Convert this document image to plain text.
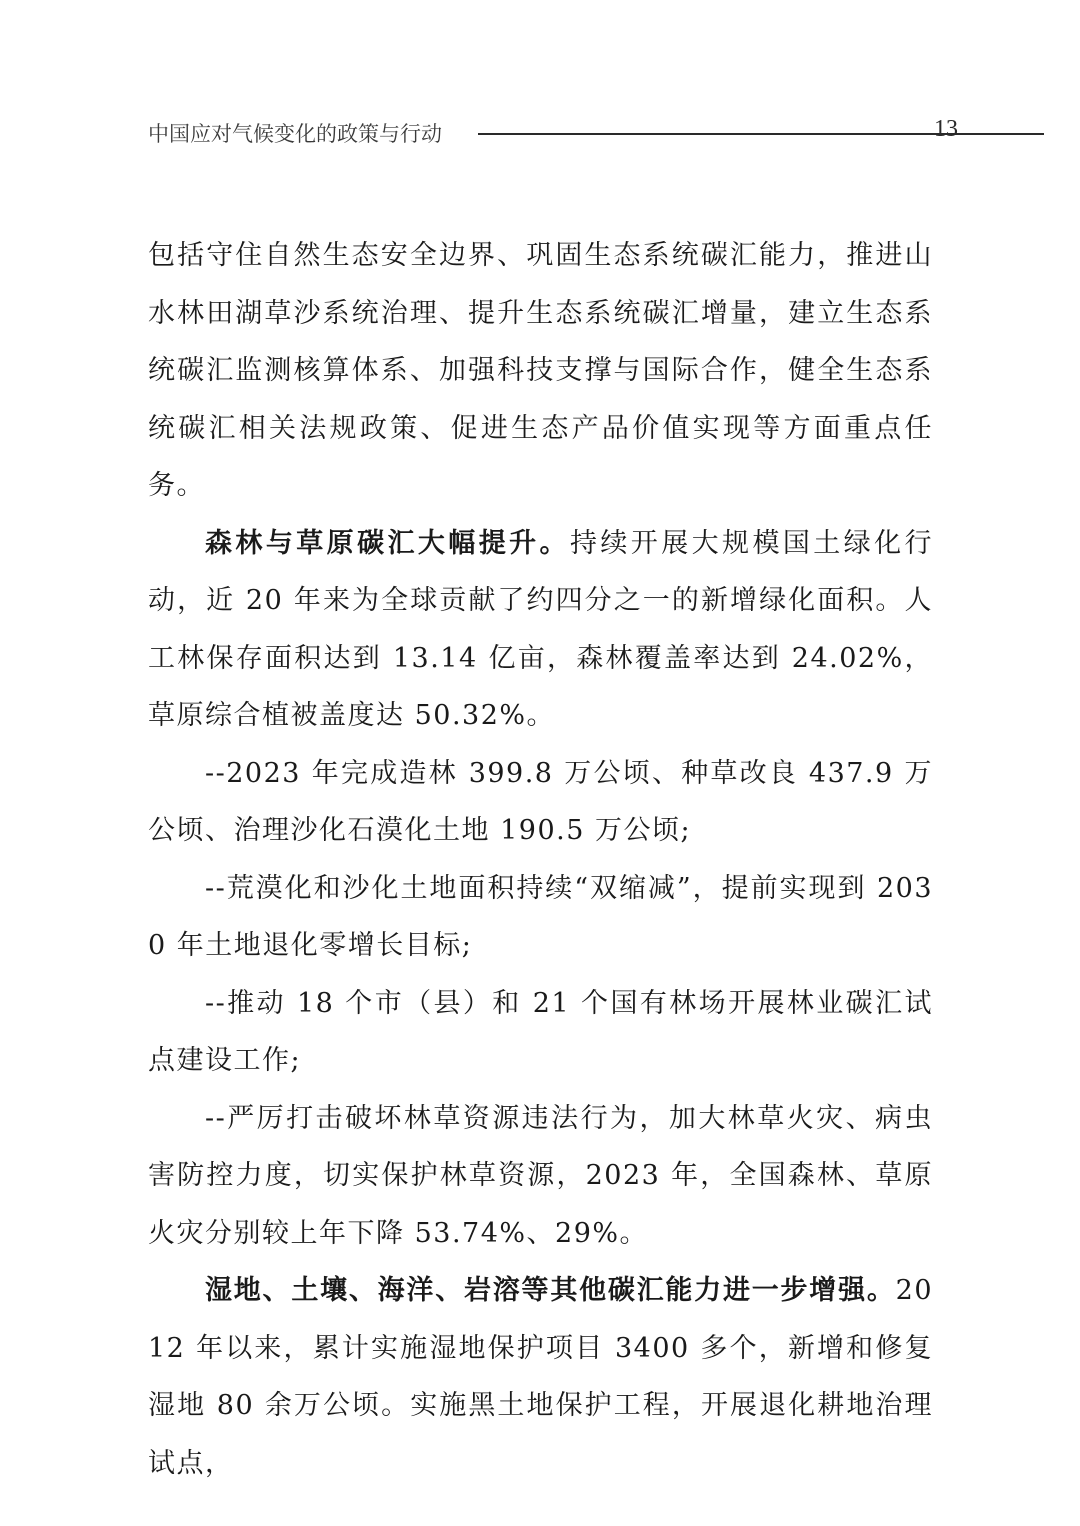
中国应对气候变化的政策与行动	13

包括守住自然生态安全边界、巩固生态系统碳汇能力，推进山水林田湖草沙系统治理、提升生态系统碳汇增量，建立生态系统碳汇监测核算体系、加强科技支撑与国际合作，健全生态系统碳汇相关法规政策、促进生态产品价值实现等方面重点任务。

森林与草原碳汇大幅提升。持续开展大规模国土绿化行动，近 20 年来为全球贡献了约四分之一的新增绿化面积。人工林保存面积达到 13.14 亿亩，森林覆盖率达到 24.02%，草原综合植被盖度达 50.32%。

--2023 年完成造林 399.8 万公顷、种草改良 437.9 万公顷、治理沙化石漠化土地 190.5 万公顷;

--荒漠化和沙化土地面积持续“双缩减”，提前实现到 2030 年土地退化零增长目标;

--推动 18 个市（县）和 21 个国有林场开展林业碳汇试点建设工作;

--严厉打击破坏林草资源违法行为，加大林草火灾、病虫害防控力度，切实保护林草资源，2023 年，全国森林、草原火灾分别较上年下降 53.74%、29%。

湿地、土壤、海洋、岩溶等其他碳汇能力进一步增强。2012 年以来，累计实施湿地保护项目 3400 多个，新增和修复湿地 80 余万公顷。实施黑土地保护工程，开展退化耕地治理试点，
